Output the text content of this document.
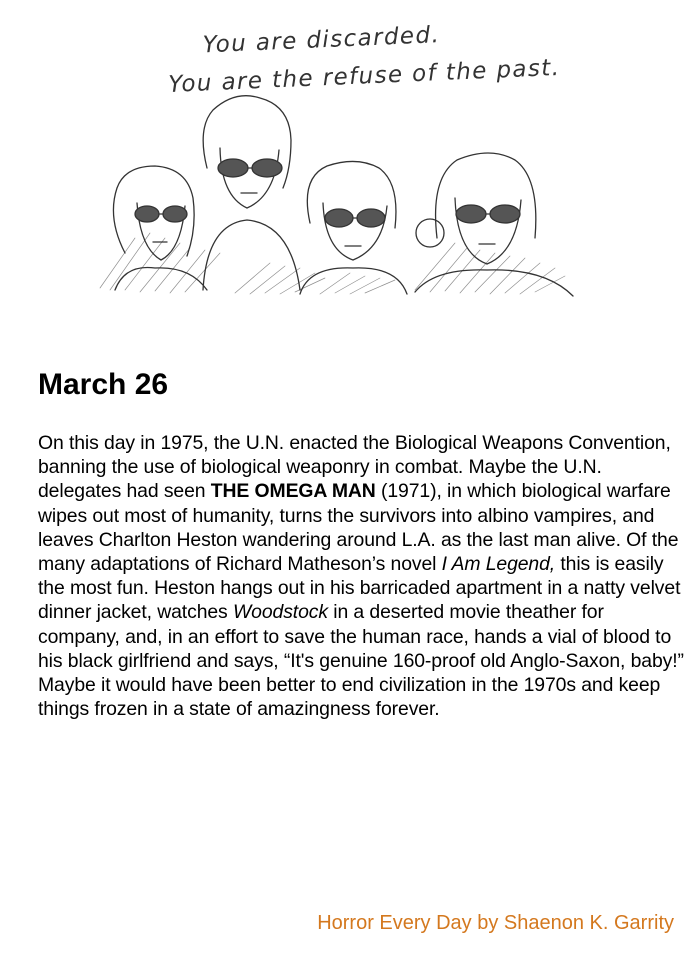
You are discarded.
You are the refuse of the past.
March 26

On this day in 1975, the U.N. enacted the Biological Weapons Convention, banning the use of biological weaponry in combat. Maybe the U.N. delegates had seen THE OMEGA MAN (1971), in which biological warfare wipes out most of humanity, turns the survivors into albino vampires, and leaves Charlton Heston wandering around L.A. as the last man alive. Of the many adaptations of Richard Matheson’s novel I Am Legend, this is easily the most fun. Heston hangs out in his barricaded apartment in a natty velvet dinner jacket, watches Woodstock in a deserted movie theather for company, and, in an effort to save the human race, hands a vial of blood to his black girlfriend and says, “It's genuine 160-proof old Anglo-Saxon, baby!” Maybe it would have been better to end civilization in the 1970s and keep things frozen in a state of amazingness forever.

Horror Every Day by Shaenon K. Garrity
